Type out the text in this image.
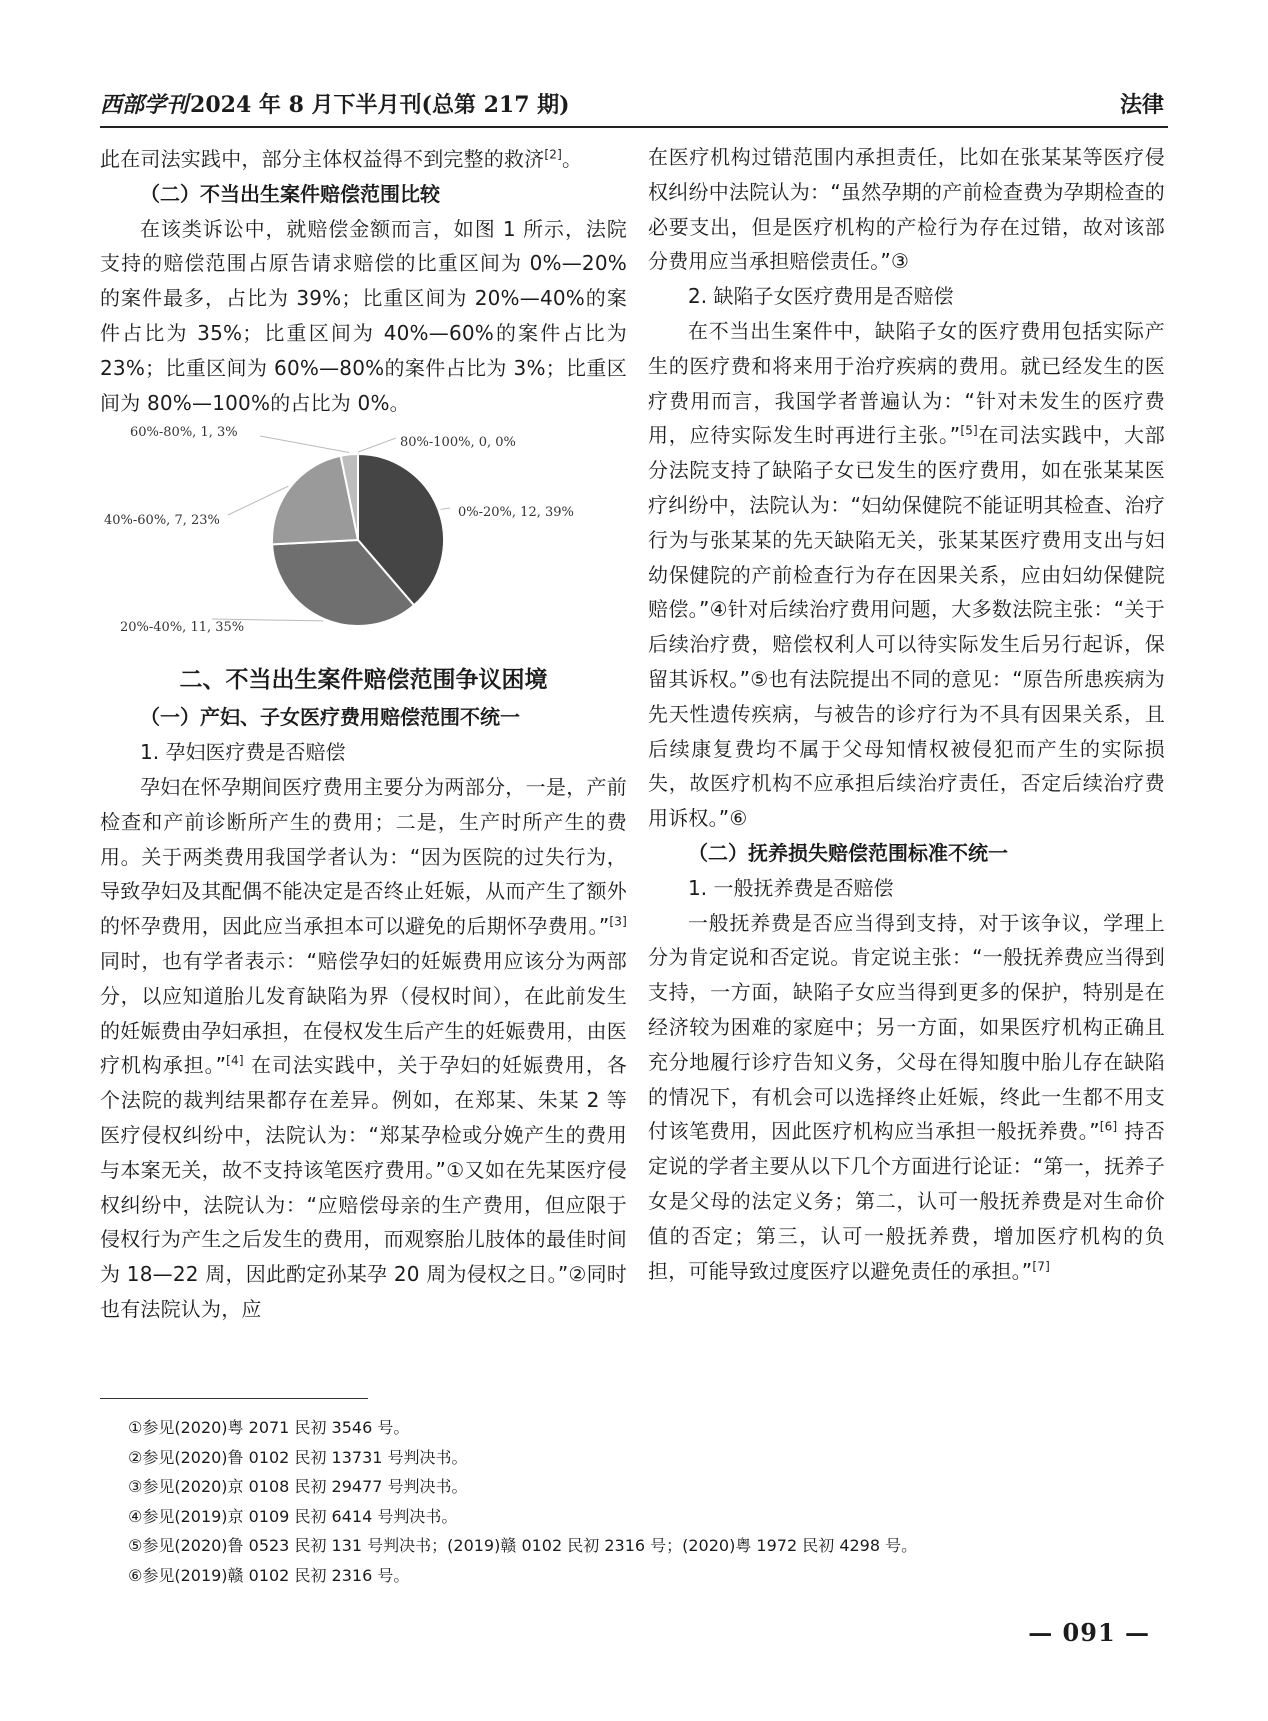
西部学刊2024 年 8 月下半月刊(总第 217 期)	法律

此在司法实践中，部分主体权益得不到完整的救济[2]。

（二）不当出生案件赔偿范围比较

在该类诉讼中，就赔偿金额而言，如图 1 所示，法院支持的赔偿范围占原告请求赔偿的比重区间为 0%—20%的案件最多，占比为 39%；比重区间为 20%—40%的案件占比为 35%；比重区间为 40%—60%的案件占比为 23%；比重区间为 60%—80%的案件占比为 3%；比重区间为 80%—100%的占比为 0%。

0%-20%, 12, 39%
20%-40%, 11, 35%
40%-60%, 7, 23%
60%-80%, 1, 3%
80%-100%, 0, 0%

二、不当出生案件赔偿范围争议困境

（一）产妇、子女医疗费用赔偿范围不统一

1. 孕妇医疗费是否赔偿

孕妇在怀孕期间医疗费用主要分为两部分，一是，产前检查和产前诊断所产生的费用；二是，生产时所产生的费用。关于两类费用我国学者认为：“因为医院的过失行为，导致孕妇及其配偶不能决定是否终止妊娠，从而产生了额外的怀孕费用，因此应当承担本可以避免的后期怀孕费用。”[3] 同时，也有学者表示：“赔偿孕妇的妊娠费用应该分为两部分，以应知道胎儿发育缺陷为界（侵权时间），在此前发生的妊娠费由孕妇承担，在侵权发生后产生的妊娠费用，由医疗机构承担。”[4] 在司法实践中，关于孕妇的妊娠费用，各个法院的裁判结果都存在差异。例如，在郑某、朱某 2 等医疗侵权纠纷中，法院认为：“郑某孕检或分娩产生的费用与本案无关，故不支持该笔医疗费用。”①又如在先某医疗侵权纠纷中，法院认为：“应赔偿母亲的生产费用，但应限于侵权行为产生之后发生的费用，而观察胎儿肢体的最佳时间为 18—22 周，因此酌定孙某孕 20 周为侵权之日。”②同时也有法院认为，应

在医疗机构过错范围内承担责任，比如在张某某等医疗侵权纠纷中法院认为：“虽然孕期的产前检查费为孕期检查的必要支出，但是医疗机构的产检行为存在过错，故对该部分费用应当承担赔偿责任。”③

2. 缺陷子女医疗费用是否赔偿

在不当出生案件中，缺陷子女的医疗费用包括实际产生的医疗费和将来用于治疗疾病的费用。就已经发生的医疗费用而言，我国学者普遍认为：“针对未发生的医疗费用，应待实际发生时再进行主张。”[5]在司法实践中，大部分法院支持了缺陷子女已发生的医疗费用，如在张某某医疗纠纷中，法院认为：“妇幼保健院不能证明其检查、治疗行为与张某某的先天缺陷无关，张某某医疗费用支出与妇幼保健院的产前检查行为存在因果关系，应由妇幼保健院赔偿。”④针对后续治疗费用问题，大多数法院主张：“关于后续治疗费，赔偿权利人可以待实际发生后另行起诉，保留其诉权。”⑤也有法院提出不同的意见：“原告所患疾病为先天性遗传疾病，与被告的诊疗行为不具有因果关系，且后续康复费均不属于父母知情权被侵犯而产生的实际损失，故医疗机构不应承担后续治疗责任，否定后续治疗费用诉权。”⑥

（二）抚养损失赔偿范围标准不统一

1. 一般抚养费是否赔偿

一般抚养费是否应当得到支持，对于该争议，学理上分为肯定说和否定说。肯定说主张：“一般抚养费应当得到支持，一方面，缺陷子女应当得到更多的保护，特别是在经济较为困难的家庭中；另一方面，如果医疗机构正确且充分地履行诊疗告知义务，父母在得知腹中胎儿存在缺陷的情况下，有机会可以选择终止妊娠，终此一生都不用支付该笔费用，因此医疗机构应当承担一般抚养费。”[6] 持否定说的学者主要从以下几个方面进行论证：“第一，抚养子女是父母的法定义务；第二，认可一般抚养费是对生命价值的否定；第三，认可一般抚养费，增加医疗机构的负担，可能导致过度医疗以避免责任的承担。”[7]

①参见(2020)粤 2071 民初 3546 号。

②参见(2020)鲁 0102 民初 13731 号判决书。

③参见(2020)京 0108 民初 29477 号判决书。

④参见(2019)京 0109 民初 6414 号判决书。

⑤参见(2020)鲁 0523 民初 131 号判决书；(2019)赣 0102 民初 2316 号；(2020)粤 1972 民初 4298 号。

⑥参见(2019)赣 0102 民初 2316 号。

— 091 —
